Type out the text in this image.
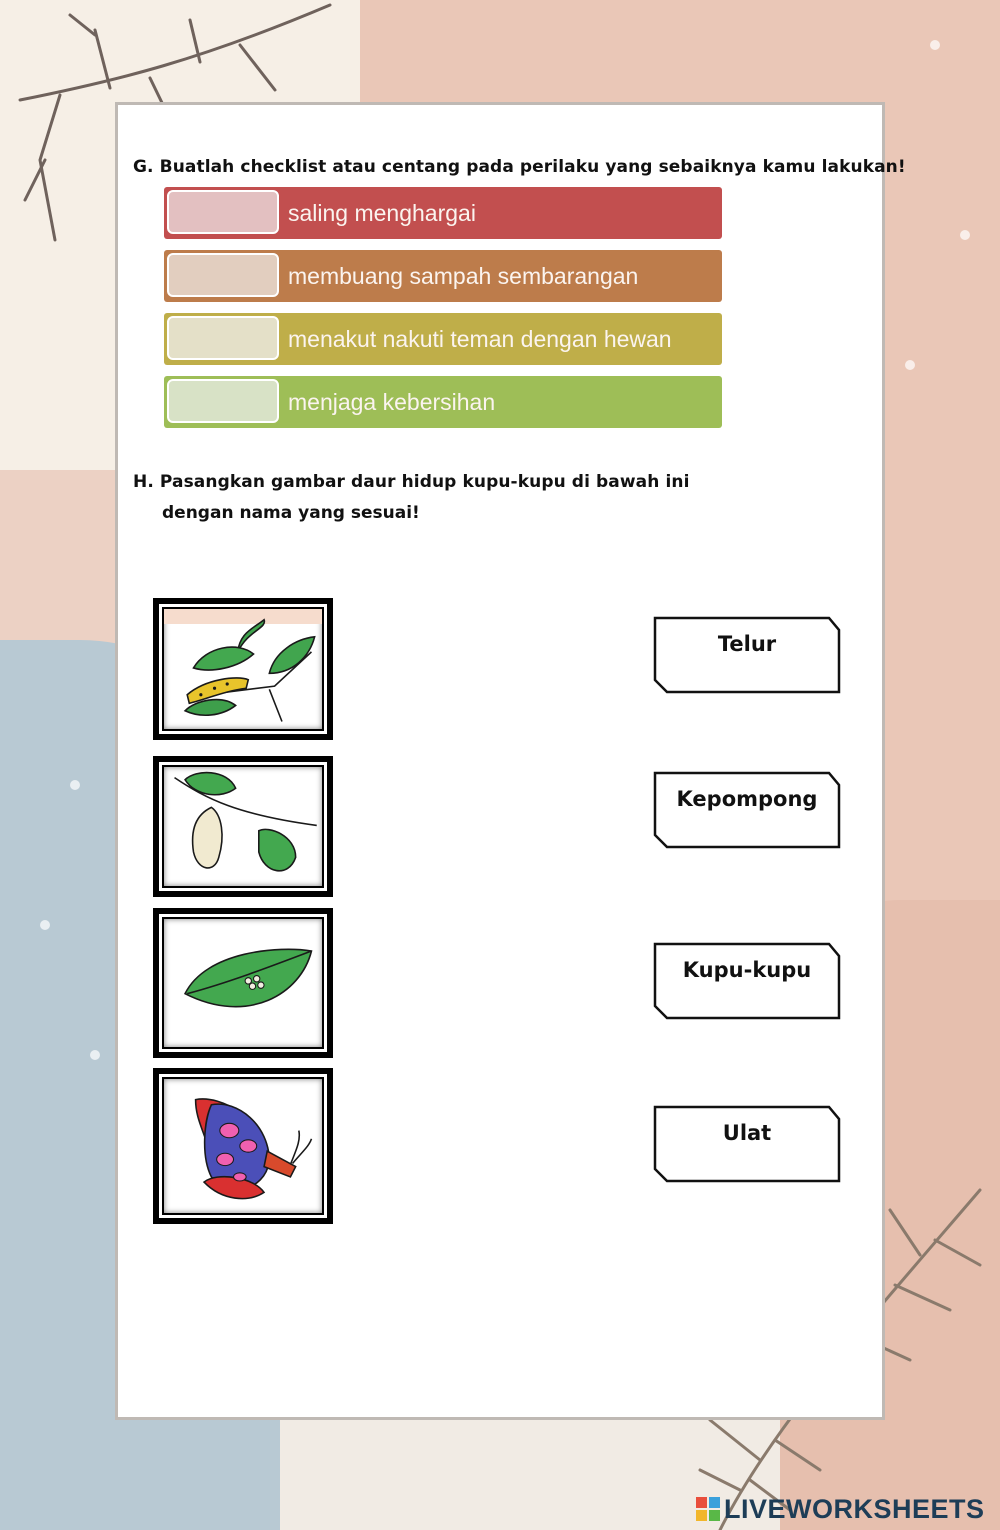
G. Buatlah checklist atau centang pada perilaku yang sebaiknya kamu lakukan!
saling menghargai
membuang sampah sembarangan
menakut nakuti teman dengan hewan
menjaga kebersihan
H. Pasangkan gambar daur hidup kupu-kupu di bawah ini
dengan nama yang sesuai!
Telur
Kepompong
Kupu-kupu
Ulat
LIVEWORKSHEETS
